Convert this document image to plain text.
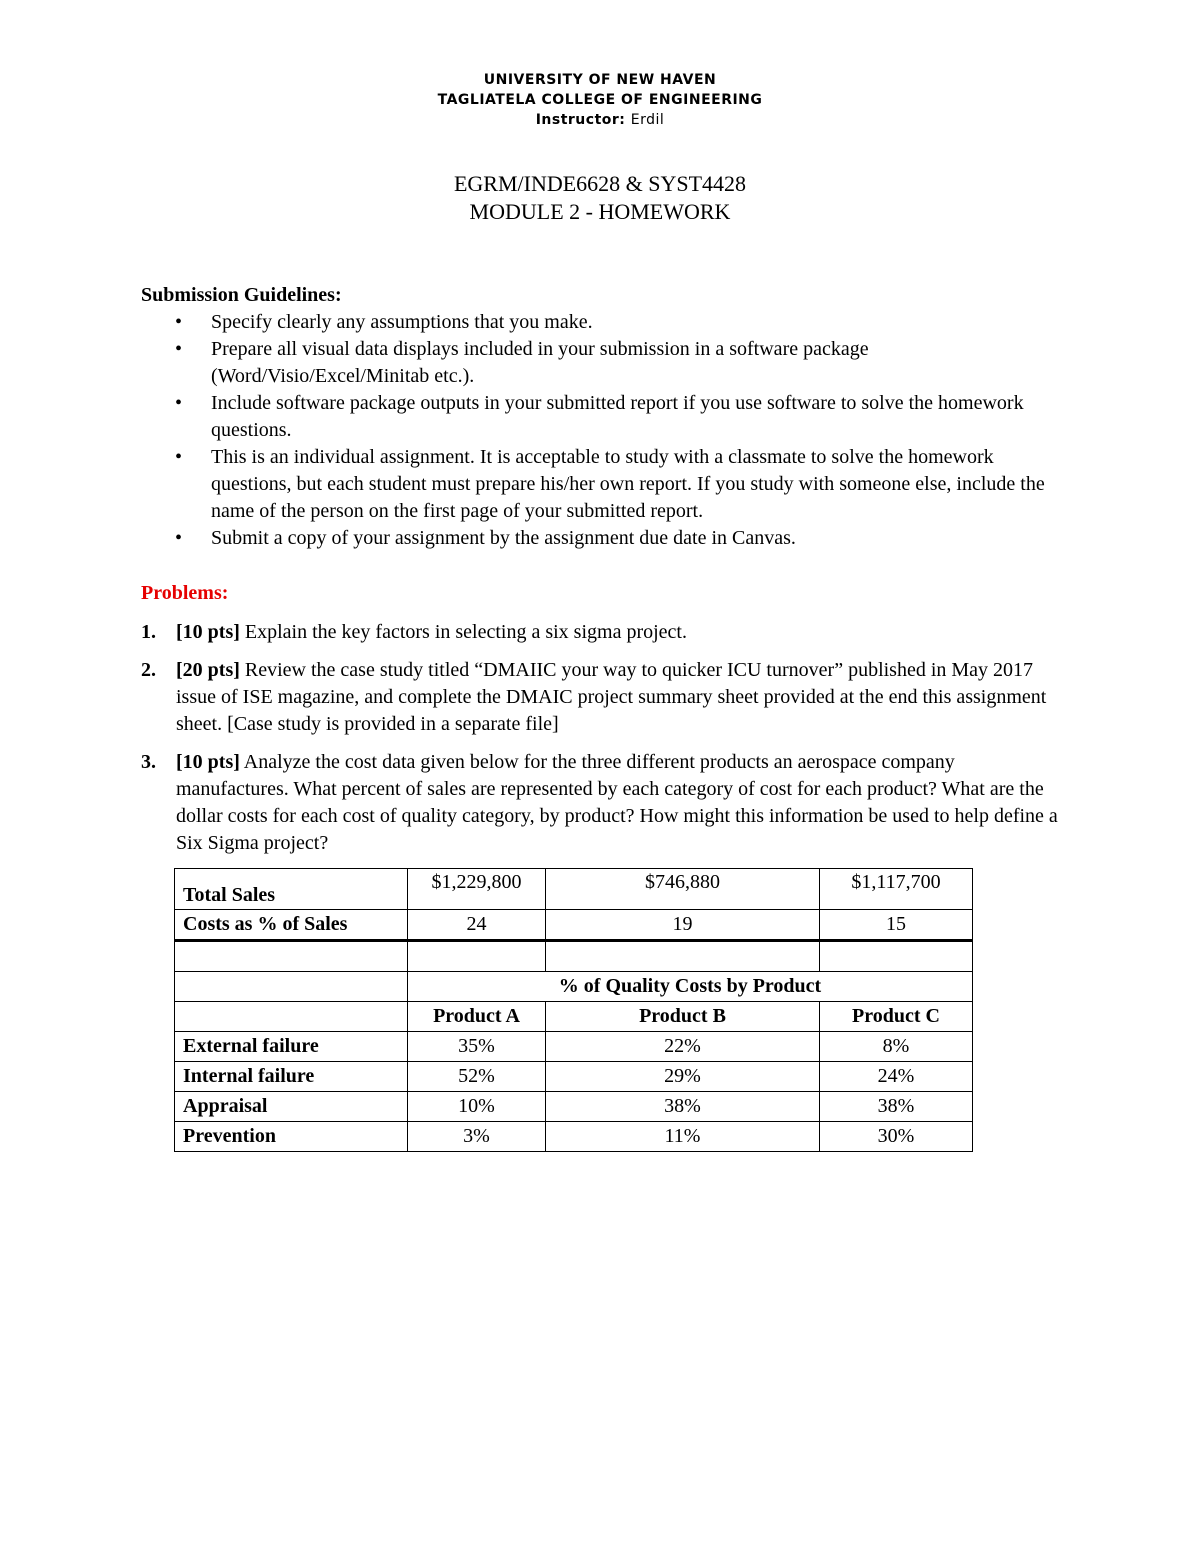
UNIVERSITY OF NEW HAVEN
TAGLIATELA COLLEGE OF ENGINEERING
Instructor: Erdil
EGRM/INDE6628 & SYST4428
MODULE 2 - HOMEWORK
Submission Guidelines:
• Specify clearly any assumptions that you make.
• Prepare all visual data displays included in your submission in a software package (Word/Visio/Excel/Minitab etc.).
• Include software package outputs in your submitted report if you use software to solve the homework questions.
• This is an individual assignment. It is acceptable to study with a classmate to solve the homework questions, but each student must prepare his/her own report. If you study with someone else, include the name of the person on the first page of your submitted report.
• Submit a copy of your assignment by the assignment due date in Canvas.
Problems:
1. [10 pts] Explain the key factors in selecting a six sigma project.
2. [20 pts] Review the case study titled “DMAIIC your way to quicker ICU turnover” published in May 2017 issue of ISE magazine, and complete the DMAIC project summary sheet provided at the end this assignment sheet. [Case study is provided in a separate file]
3. [10 pts] Analyze the cost data given below for the three different products an aerospace company manufactures. What percent of sales are represented by each category of cost for each product? What are the dollar costs for each cost of quality category, by product? How might this information be used to help define a Six Sigma project?
Total Sales	$1,229,800	$746,880	$1,117,700
Costs as % of Sales	24	19	15

	% of Quality Costs by Product		
	Product A	Product B	Product C
External failure	35%	22%	8%
Internal failure	52%	29%	24%
Appraisal	10%	38%	38%
Prevention	3%	11%	30%
